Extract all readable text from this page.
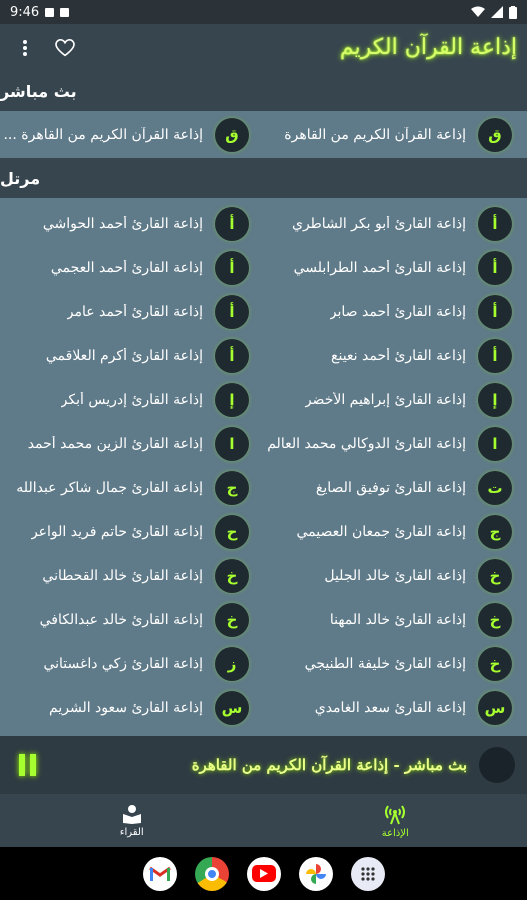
9:46
إذاعة القرآن الكريم
بث مباشر
ق
إذاعة القرآن الكريم من القاهرة
ق
إذاعة القرآن الكريم من القاهرة ...
مرتل
أ
إذاعة القارئ أبو بكر الشاطري
أ
إذاعة القارئ أحمد الحواشي
أ
إذاعة القارئ أحمد الطرابلسي
أ
إذاعة القارئ أحمد العجمي
أ
إذاعة القارئ أحمد صابر
أ
إذاعة القارئ أحمد عامر
أ
إذاعة القارئ أحمد نعينع
أ
إذاعة القارئ أكرم العلاقمي
إ
إذاعة القارئ إبراهيم الأخضر
إ
إذاعة القارئ إدريس أبكر
ا
إذاعة القارئ الدوكالي محمد العالم
ا
إذاعة القارئ الزين محمد أحمد
ت
إذاعة القارئ توفيق الصايغ
ج
إذاعة القارئ جمال شاكر عبدالله
ج
إذاعة القارئ جمعان العصيمي
ح
إذاعة القارئ حاتم فريد الواعر
خ
إذاعة القارئ خالد الجليل
خ
إذاعة القارئ خالد القحطاني
خ
إذاعة القارئ خالد المهنا
خ
إذاعة القارئ خالد عبدالكافي
خ
إذاعة القارئ خليفة الطنيجي
ز
إذاعة القارئ زكي داغستاني
س
إذاعة القارئ سعد الغامدي
س
إذاعة القارئ سعود الشريم
بث مباشر - إذاعة القرآن الكريم من القاهرة
القراء	الإذاعة
